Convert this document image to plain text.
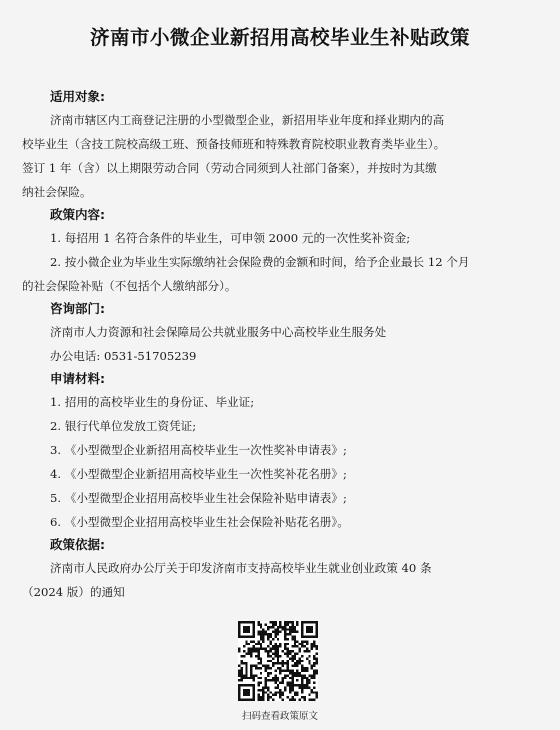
济南市小微企业新招用高校毕业生补贴政策

适用对象:

济南市辖区内工商登记注册的小型微型企业，新招用毕业年度和择业期内的高

校毕业生（含技工院校高级工班、预备技师班和特殊教育院校职业教育类毕业生）。

签订 1 年（含）以上期限劳动合同（劳动合同须到人社部门备案），并按时为其缴

纳社会保险。

政策内容:

1. 每招用 1 名符合条件的毕业生，可申领 2000 元的一次性奖补资金;

2. 按小微企业为毕业生实际缴纳社会保险费的金额和时间，给予企业最长 12 个月

的社会保险补贴（不包括个人缴纳部分）。

咨询部门:

济南市人力资源和社会保障局公共就业服务中心高校毕业生服务处

办公电话: 0531-51705239

申请材料:

1. 招用的高校毕业生的身份证、毕业证;

2. 银行代单位发放工资凭证;

3. 《小型微型企业新招用高校毕业生一次性奖补申请表》;

4. 《小型微型企业新招用高校毕业生一次性奖补花名册》;

5. 《小型微型企业招用高校毕业生社会保险补贴申请表》;

6. 《小型微型企业招用高校毕业生社会保险补贴花名册》。

政策依据:

济南市人民政府办公厅关于印发济南市支持高校毕业生就业创业政策 40 条

（2024 版）的通知

扫码查看政策原文
